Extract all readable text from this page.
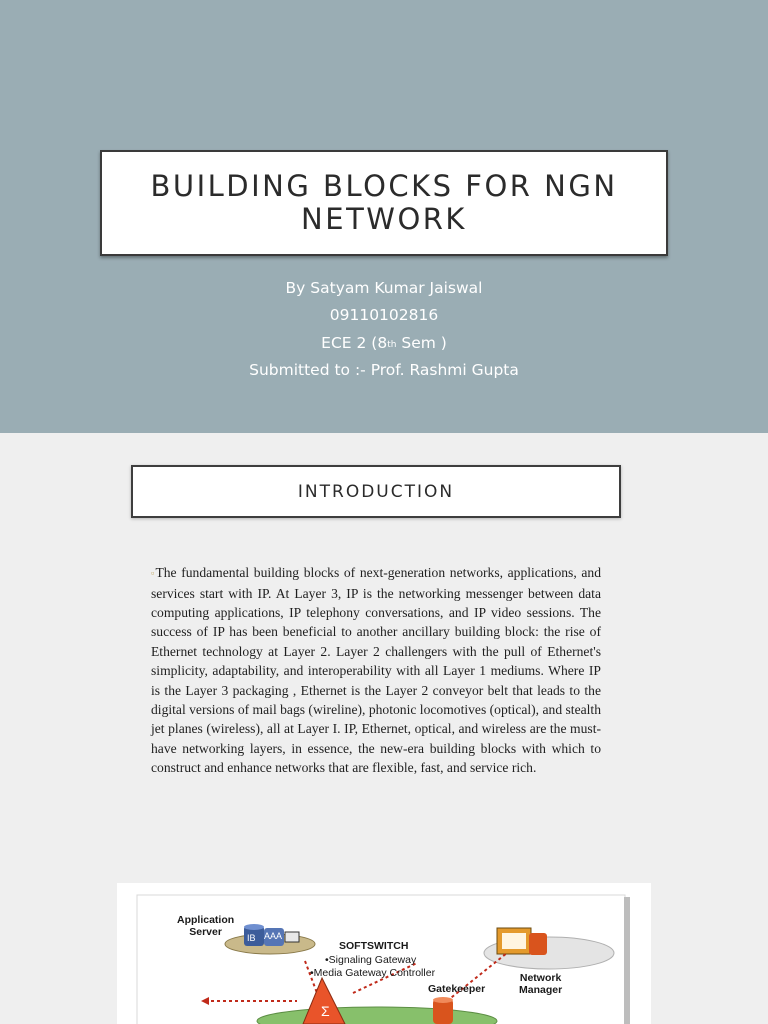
BUILDING BLOCKS FOR NGN NETWORK
By Satyam Kumar Jaiswal
09110102816
ECE 2 (8th Sem )
Submitted to :- Prof. Rashmi Gupta
INTRODUCTION
▫The fundamental building blocks of next-generation networks, applications, and services start with IP. At Layer 3, IP is the networking messenger between data computing applications, IP telephony conversations, and IP video sessions. The success of IP has been beneficial to another ancillary building block: the rise of Ethernet technology at Layer 2. Layer 2 challengers with the pull of Ethernet's simplicity, adaptability, and interoperability with all Layer 1 mediums. Where IP is the Layer 3 packaging , Ethernet is the Layer 2 conveyor belt that leads to the digital versions of mail bags (wireline), photonic locomotives (optical), and stealth jet planes (wireless), all at Layer I. IP, Ethernet, optical, and wireless are the must-have networking layers, in essence, the new-era building blocks with which to construct and enhance networks that are flexible, fast, and service rich.
Σ
Application
Server	IB AAA
SOFTSWITCH
•Signaling Gateway
•Media Gateway Controller
Gatekeeper
Network
Manager
